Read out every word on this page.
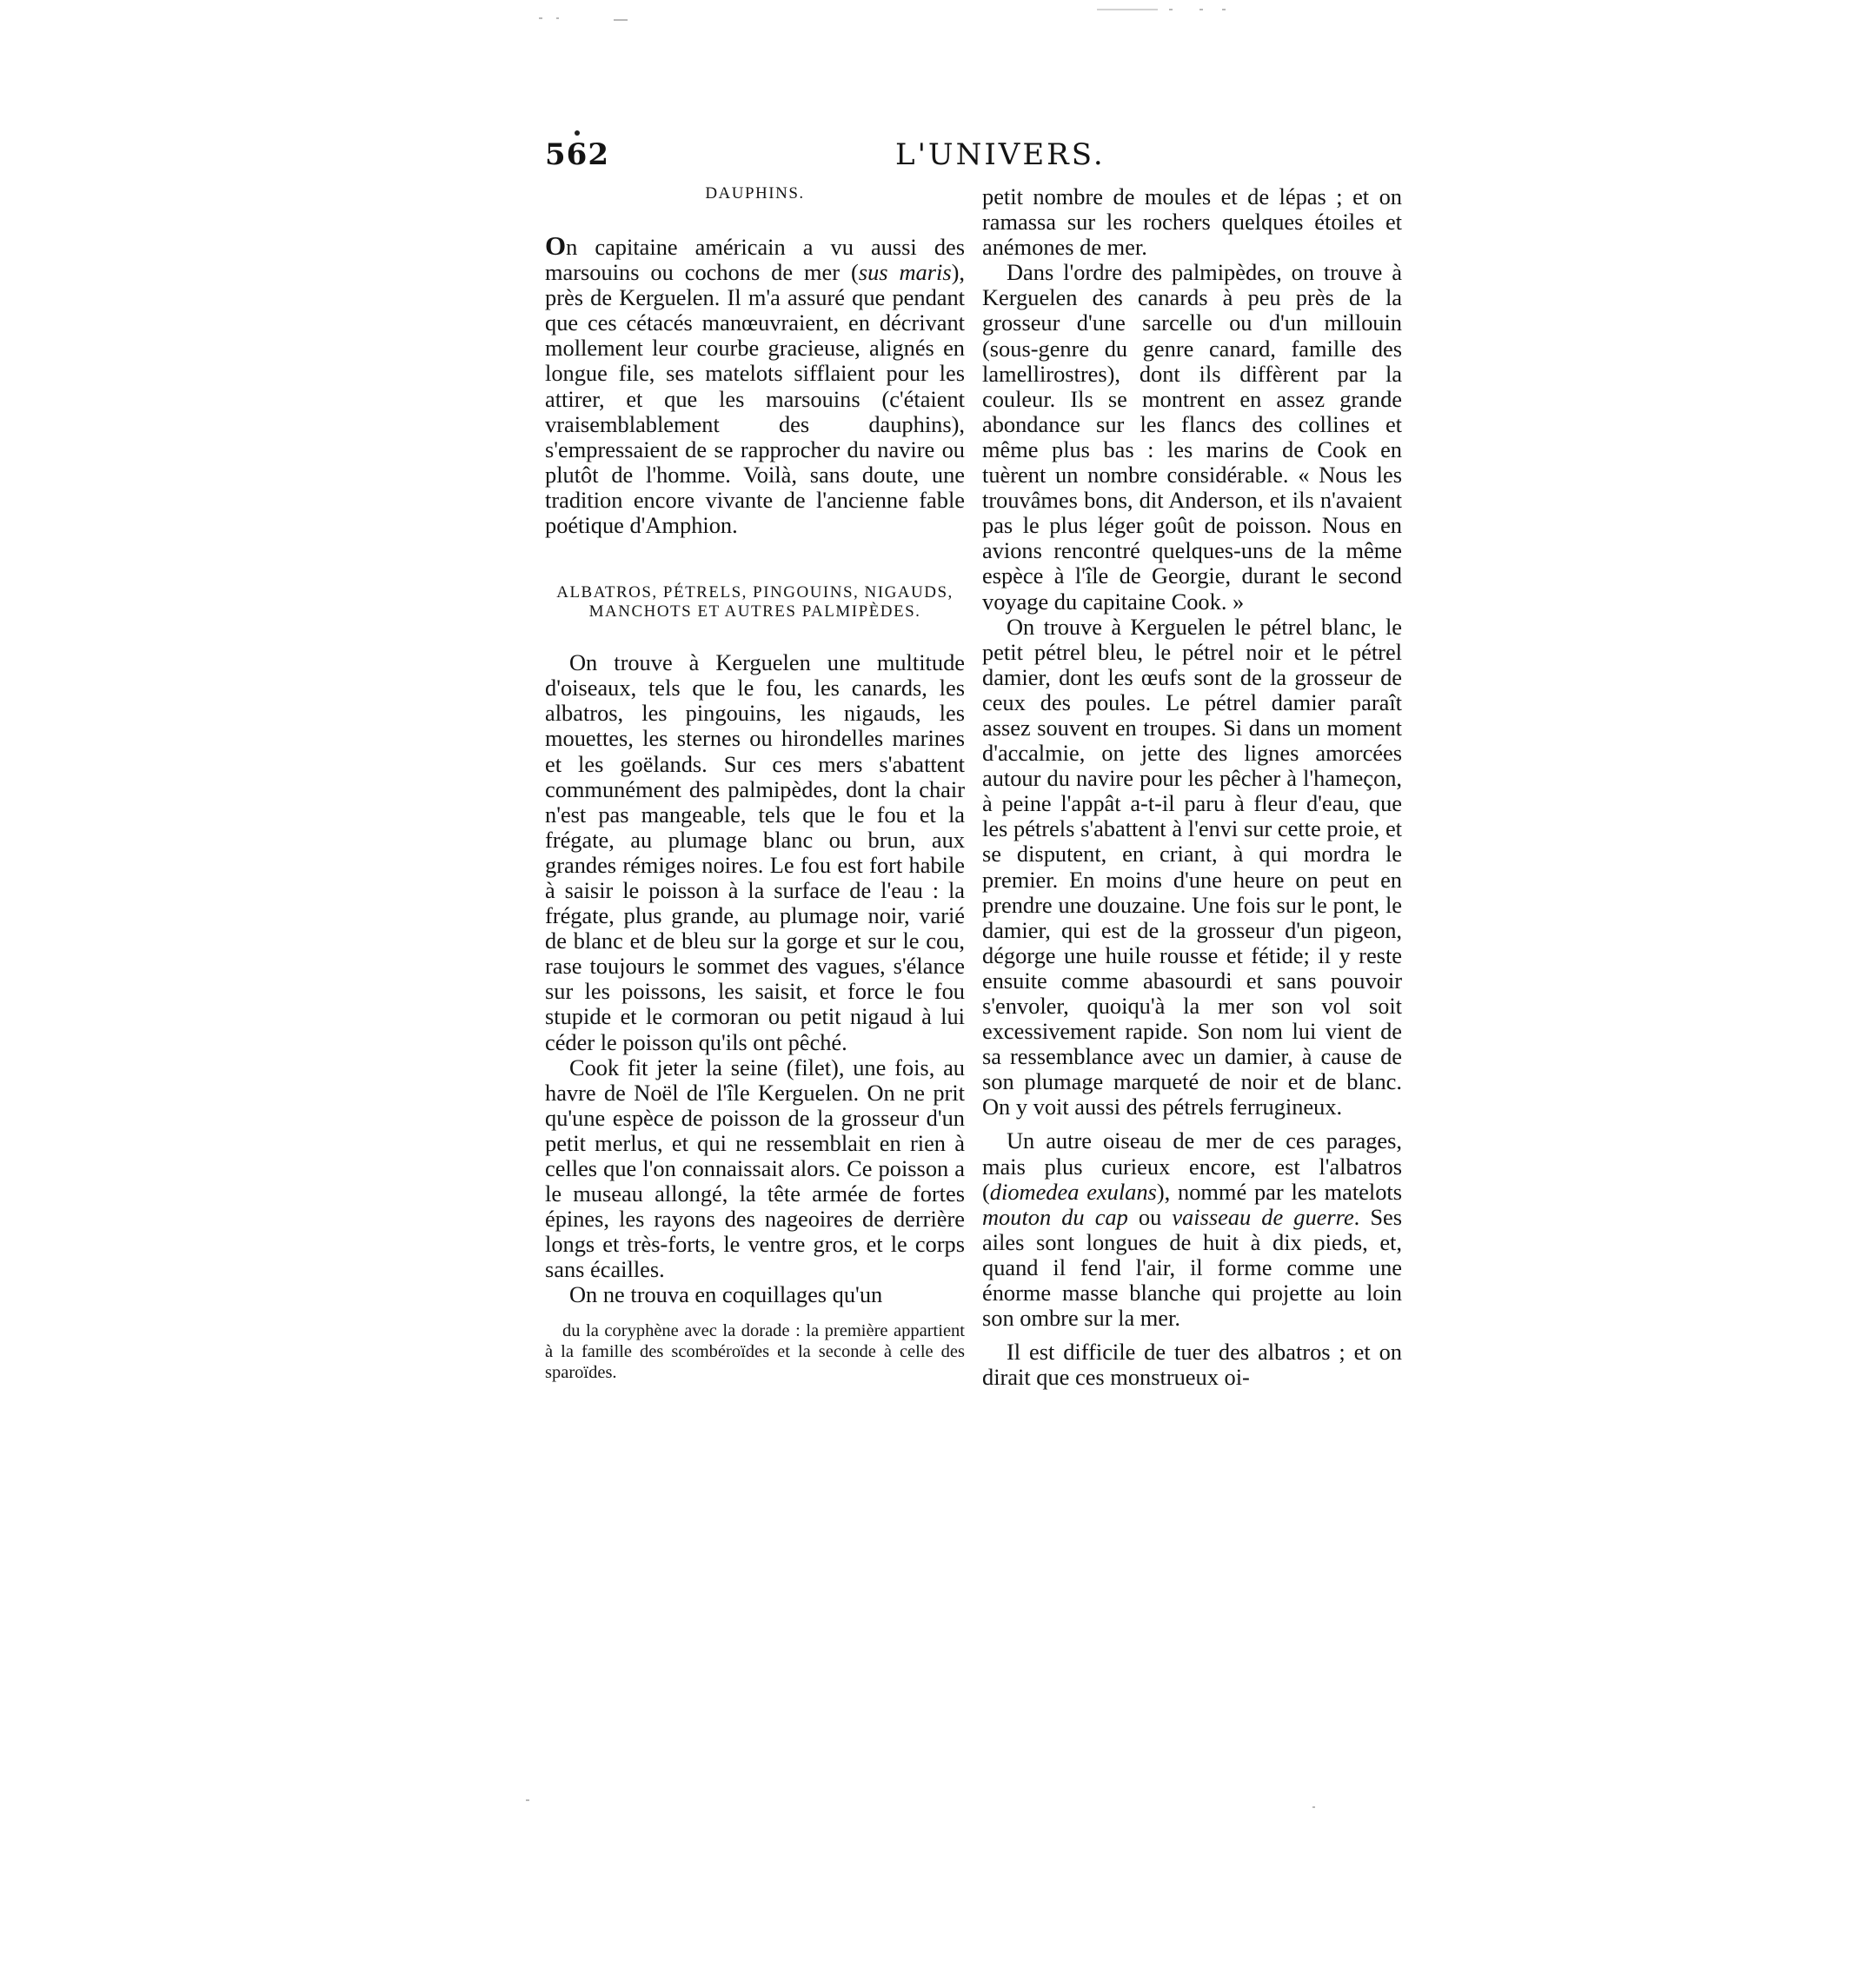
562	L'UNIVERS.
DAUPHINS.

On capitaine américain a vu aussi des marsouins ou cochons de mer (sus maris), près de Kerguelen. Il m'a assuré que pendant que ces cétacés manœuvraient, en décrivant mollement leur courbe gracieuse, alignés en longue file, ses matelots sifflaient pour les attirer, et que les marsouins (c'étaient vraisemblablement des dauphins), s'empressaient de se rapprocher du navire ou plutôt de l'homme. Voilà, sans doute, une tradition encore vivante de l'ancienne fable poétique d'Amphion.

ALBATROS, PÉTRELS, PINGOUINS, NIGAUDS,
MANCHOTS ET AUTRES PALMIPÈDES.

On trouve à Kerguelen une multitude d'oiseaux, tels que le fou, les canards, les albatros, les pingouins, les nigauds, les mouettes, les sternes ou hirondelles marines et les goëlands. Sur ces mers s'abattent communément des palmipèdes, dont la chair n'est pas mangeable, tels que le fou et la frégate, au plumage blanc ou brun, aux grandes rémiges noires. Le fou est fort habile à saisir le poisson à la surface de l'eau : la frégate, plus grande, au plumage noir, varié de blanc et de bleu sur la gorge et sur le cou, rase toujours le sommet des vagues, s'élance sur les poissons, les saisit, et force le fou stupide et le cormoran ou petit nigaud à lui céder le poisson qu'ils ont pêché.

Cook fit jeter la seine (filet), une fois, au havre de Noël de l'île Kerguelen. On ne prit qu'une espèce de poisson de la grosseur d'un petit merlus, et qui ne ressemblait en rien à celles que l'on connaissait alors. Ce poisson a le museau allongé, la tête armée de fortes épines, les rayons des nageoires de derrière longs et très-forts, le ventre gros, et le corps sans écailles.

On ne trouva en coquillages qu'un

du la coryphène avec la dorade : la première appartient à la famille des scombéroïdes et la seconde à celle des sparoïdes.

petit nombre de moules et de lépas ; et on ramassa sur les rochers quelques étoiles et anémones de mer.

Dans l'ordre des palmipèdes, on trouve à Kerguelen des canards à peu près de la grosseur d'une sarcelle ou d'un millouin (sous-genre du genre canard, famille des lamellirostres), dont ils diffèrent par la couleur. Ils se montrent en assez grande abondance sur les flancs des collines et même plus bas : les marins de Cook en tuèrent un nombre considérable. « Nous les trouvâmes bons, dit Anderson, et ils n'avaient pas le plus léger goût de poisson. Nous en avions rencontré quelques-uns de la même espèce à l'île de Georgie, durant le second voyage du capitaine Cook. »

On trouve à Kerguelen le pétrel blanc, le petit pétrel bleu, le pétrel noir et le pétrel damier, dont les œufs sont de la grosseur de ceux des poules. Le pétrel damier paraît assez souvent en troupes. Si dans un moment d'accalmie, on jette des lignes amorcées autour du navire pour les pêcher à l'hameçon, à peine l'appât a-t-il paru à fleur d'eau, que les pétrels s'abattent à l'envi sur cette proie, et se disputent, en criant, à qui mordra le premier. En moins d'une heure on peut en prendre une douzaine. Une fois sur le pont, le damier, qui est de la grosseur d'un pigeon, dégorge une huile rousse et fétide; il y reste ensuite comme abasourdi et sans pouvoir s'envoler, quoiqu'à la mer son vol soit excessivement rapide. Son nom lui vient de sa ressemblance avec un damier, à cause de son plumage marqueté de noir et de blanc. On y voit aussi des pétrels ferrugineux.

Un autre oiseau de mer de ces parages, mais plus curieux encore, est l'albatros (diomedea exulans), nommé par les matelots mouton du cap ou vaisseau de guerre. Ses ailes sont longues de huit à dix pieds, et, quand il fend l'air, il forme comme une énorme masse blanche qui projette au loin son ombre sur la mer.

Il est difficile de tuer des albatros ; et on dirait que ces monstrueux oi-
